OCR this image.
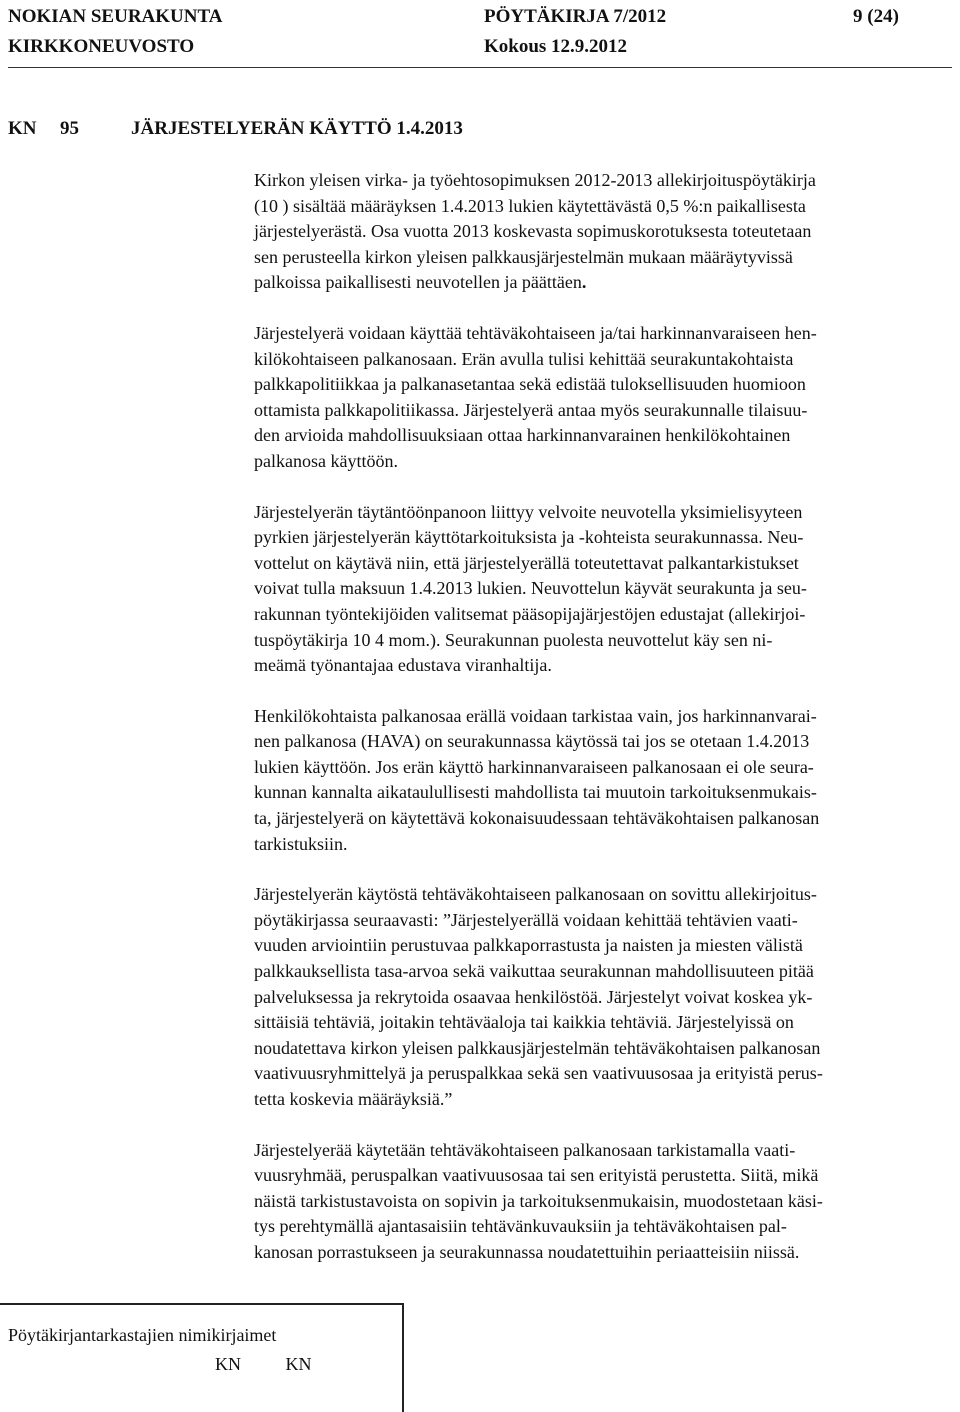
NOKIAN SEURAKUNTA
KIRKKONEUVOSTO
PÖYTÄKIRJA 7/2012
Kokous 12.9.2012
9 (24)
KN 95	JÄRJESTELYERÄN KÄYTTÖ 1.4.2013

Kirkon yleisen virka- ja työehtosopimuksen 2012-2013 allekirjoituspöytäkirja
(10 ) sisältää määräyksen 1.4.2013 lukien käytettävästä 0,5 %:n paikallisesta
järjestelyerästä. Osa vuotta 2013 koskevasta sopimuskorotuksesta toteutetaan
sen perusteella kirkon yleisen palkkausjärjestelmän mukaan määräytyvissä
palkoissa paikallisesti neuvotellen ja päättäen.

Järjestelyerä voidaan käyttää tehtäväkohtaiseen ja/tai harkinnanvaraiseen hen-
kilökohtaiseen palkanosaan. Erän avulla tulisi kehittää seurakuntakohtaista
palkkapolitiikkaa ja palkanasetantaa sekä edistää tuloksellisuuden huomioon
ottamista palkkapolitiikassa. Järjestelyerä antaa myös seurakunnalle tilaisuu-
den arvioida mahdollisuuksiaan ottaa harkinnanvarainen henkilökohtainen
palkanosa käyttöön.

Järjestelyerän täytäntöönpanoon liittyy velvoite neuvotella yksimielisyyteen
pyrkien järjestelyerän käyttötarkoituksista ja -kohteista seurakunnassa. Neu-
vottelut on käytävä niin, että järjestelyerällä toteutettavat palkantarkistukset
voivat tulla maksuun 1.4.2013 lukien. Neuvottelun käyvät seurakunta ja seu-
rakunnan työntekijöiden valitsemat pääsopijajärjestöjen edustajat (allekirjoi-
tuspöytäkirja 10 4 mom.). Seurakunnan puolesta neuvottelut käy sen ni-
meämä työnantajaa edustava viranhaltija.

Henkilökohtaista palkanosaa erällä voidaan tarkistaa vain, jos harkinnanvarai-
nen palkanosa (HAVA) on seurakunnassa käytössä tai jos se otetaan 1.4.2013
lukien käyttöön. Jos erän käyttö harkinnanvaraiseen palkanosaan ei ole seura-
kunnan kannalta aikataulullisesti mahdollista tai muutoin tarkoituksenmukais-
ta, järjestelyerä on käytettävä kokonaisuudessaan tehtäväkohtaisen palkanosan
tarkistuksiin.

Järjestelyerän käytöstä tehtäväkohtaiseen palkanosaan on sovittu allekirjoitus-
pöytäkirjassa seuraavasti: ”Järjestelyerällä voidaan kehittää tehtävien vaati-
vuuden arviointiin perustuvaa palkkaporrastusta ja naisten ja miesten välistä
palkkauksellista tasa-arvoa sekä vaikuttaa seurakunnan mahdollisuuteen pitää
palveluksessa ja rekrytoida osaavaa henkilöstöä. Järjestelyt voivat koskea yk-
sittäisiä tehtäviä, joitakin tehtäväaloja tai kaikkia tehtäviä. Järjestelyissä on
noudatettava kirkon yleisen palkkausjärjestelmän tehtäväkohtaisen palkanosan
vaativuusryhmittelyä ja peruspalkkaa sekä sen vaativuusosaa ja erityistä perus-
tetta koskevia määräyksiä.”

Järjestelyerää käytetään tehtäväkohtaiseen palkanosaan tarkistamalla vaati-
vuusryhmää, peruspalkan vaativuusosaa tai sen erityistä perustetta. Siitä, mikä
näistä tarkistustavoista on sopivin ja tarkoituksenmukaisin, muodostetaan käsi-
tys perehtymällä ajantasaisiin tehtävänkuvauksiin ja tehtäväkohtaisen pal-
kanosan porrastukseen ja seurakunnassa noudatettuihin periaatteisiin niissä.

Pöytäkirjantarkastajien nimikirjaimet
KN KN
